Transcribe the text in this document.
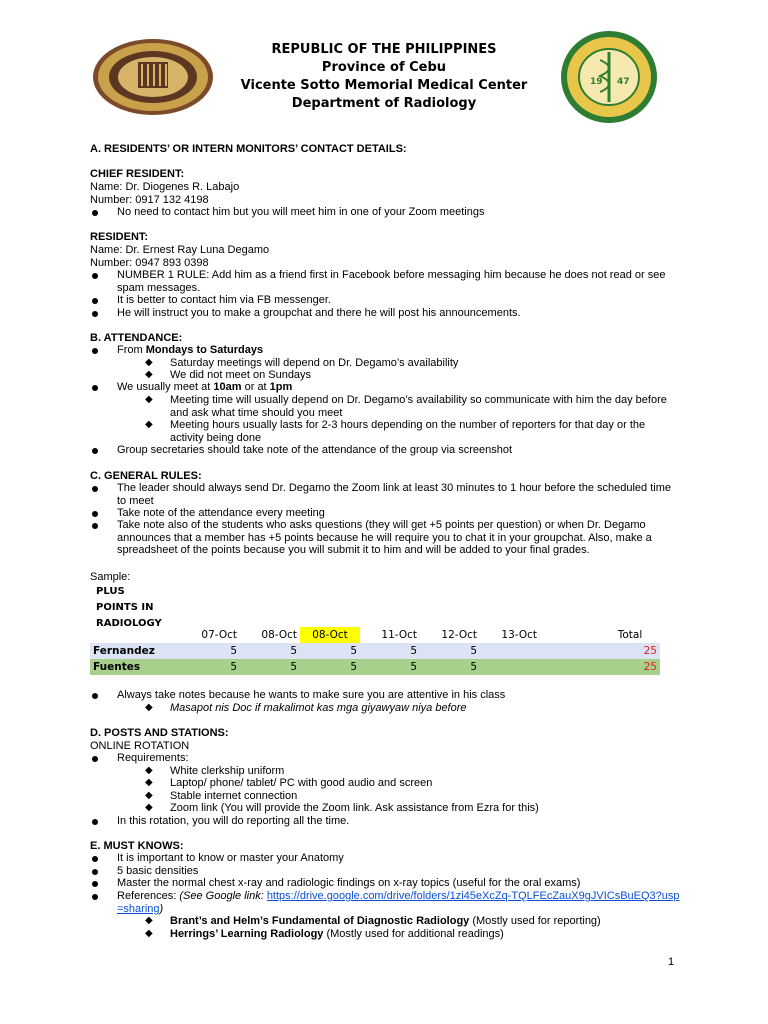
19 47
REPUBLIC OF THE PHILIPPINES
Province of Cebu
Vicente Sotto Memorial Medical Center
Department of Radiology
A. RESIDENTS’ OR INTERN MONITORS’ CONTACT DETAILS:
CHIEF RESIDENT:
Name: Dr. Diogenes R. Labajo
Number: 0917 132 4198
No need to contact him but you will meet him in one of your Zoom meetings
RESIDENT:
Name: Dr. Ernest Ray Luna Degamo
Number: 0947 893 0398
NUMBER 1 RULE: Add him as a friend first in Facebook before messaging him because he does not read or see spam messages.
It is better to contact him via FB messenger.
He will instruct you to make a groupchat and there he will post his announcements.
B. ATTENDANCE:
From Mondays to Saturdays
◆ Saturday meetings will depend on Dr. Degamo’s availability
◆ We did not meet on Sundays
We usually meet at 10am or at 1pm
◆ Meeting time will usually depend on Dr. Degamo’s availability so communicate with him the day before and ask what time should you meet
◆ Meeting hours usually lasts for 2-3 hours depending on the number of reporters for that day or the activity being done
Group secretaries should take note of the attendance of the group via screenshot
C. GENERAL RULES:
The leader should always send Dr. Degamo the Zoom link at least 30 minutes to 1 hour before the scheduled time to meet
Take note of the attendance every meeting
Take note also of the students who asks questions (they will get +5 points per question) or when Dr. Degamo announces that a member has +5 points because he will require you to chat it in your groupchat. Also, make a spreadsheet of the points because you will submit it to him and will be added to your final grades.
Sample:
PLUS
POINTS IN
RADIOLOGY
	07-Oct	08-Oct	08-Oct	11-Oct	12-Oct	13-Oct		Total
Fernandez	5	5	5	5	5			25
Fuentes	5	5	5	5	5			25
Always take notes because he wants to make sure you are attentive in his class
◆ Masapot nis Doc if makalimot kas mga giyawyaw niya before
D. POSTS AND STATIONS:
ONLINE ROTATION
Requirements:
◆ White clerkship uniform
◆ Laptop/ phone/ tablet/ PC with good audio and screen
◆ Stable internet connection
◆ Zoom link (You will provide the Zoom link. Ask assistance from Ezra for this)
In this rotation, you will do reporting all the time.
E. MUST KNOWS:
It is important to know or master your Anatomy
5 basic densities
Master the normal chest x-ray and radiologic findings on x-ray topics (useful for the oral exams)
References: (See Google link: https://drive.google.com/drive/folders/1zi45eXcZq-TQLFEcZauX9gJVICsBuEQ3?usp=sharing)
◆ Brant’s and Helm’s Fundamental of Diagnostic Radiology (Mostly used for reporting)
◆ Herrings’ Learning Radiology (Mostly used for additional readings)
1
